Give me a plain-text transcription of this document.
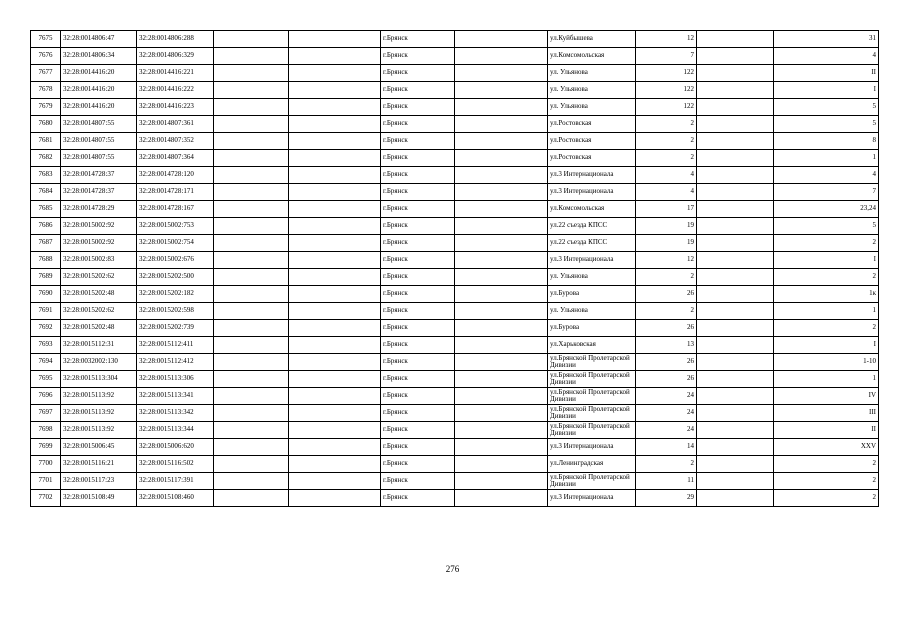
7675	32:28:0014806:47	32:28:0014806:288			г.Брянск		ул.Куйбышева	12		31
7676	32:28:0014806:34	32:28:0014806:329			г.Брянск		ул.Комсомольская	7		4
7677	32:28:0014416:20	32:28:0014416:221			г.Брянск		ул. Ульянова	122		II
7678	32:28:0014416:20	32:28:0014416:222			г.Брянск		ул. Ульянова	122		I
7679	32:28:0014416:20	32:28:0014416:223			г.Брянск		ул. Ульянова	122		5
7680	32:28:0014807:55	32:28:0014807:361			г.Брянск		ул.Ростовская	2		5
7681	32:28:0014807:55	32:28:0014807:352			г.Брянск		ул.Ростовская	2		8
7682	32:28:0014807:55	32:28:0014807:364			г.Брянск		ул.Ростовская	2		1
7683	32:28:0014728:37	32:28:0014728:120			г.Брянск		ул.3 Интернационала	4		4
7684	32:28:0014728:37	32:28:0014728:171			г.Брянск		ул.3 Интернационала	4		7
7685	32:28:0014728:29	32:28:0014728:167			г.Брянск		ул.Комсомольская	17		23,24
7686	32:28:0015002:92	32:28:0015002:753			г.Брянск		ул.22 съезда КПСС	19		5
7687	32:28:0015002:92	32:28:0015002:754			г.Брянск		ул.22 съезда КПСС	19		2
7688	32:28:0015002:83	32:28:0015002:676			г.Брянск		ул.3 Интернационала	12		I
7689	32:28:0015202:62	32:28:0015202:500			г.Брянск		ул. Ульянова	2		2
7690	32:28:0015202:48	32:28:0015202:182			г.Брянск		ул.Бурова	26		1к
7691	32:28:0015202:62	32:28:0015202:598			г.Брянск		ул. Ульянова	2		1
7692	32:28:0015202:48	32:28:0015202:739			г.Брянск		ул.Бурова	26		2
7693	32:28:0015112:31	32:28:0015112:411			г.Брянск		ул.Харьковская	13		I
7694	32:28:0032002:130	32:28:0015112:412			г.Брянск		ул.Брянской Пролетарской Дивизии	26		1-10
7695	32:28:0015113:304	32:28:0015113:306			г.Брянск		ул.Брянской Пролетарской Дивизии	26		1
7696	32:28:0015113:92	32:28:0015113:341			г.Брянск		ул.Брянской Пролетарской Дивизии	24		IV
7697	32:28:0015113:92	32:28:0015113:342			г.Брянск		ул.Брянской Пролетарской Дивизии	24		III
7698	32:28:0015113:92	32:28:0015113:344			г.Брянск		ул.Брянской Пролетарской Дивизии	24		II
7699	32:28:0015006:45	32:28:0015006:620			г.Брянск		ул.3 Интернационала	14		XXV
7700	32:28:0015116:21	32:28:0015116:502			г.Брянск		ул.Ленинградская	2		2
7701	32:28:0015117:23	32:28:0015117:391			г.Брянск		ул.Брянской Пролетарской Дивизии	11		2
7702	32:28:0015108:49	32:28:0015108:460			г.Брянск		ул.3 Интернационала	29		2
276
